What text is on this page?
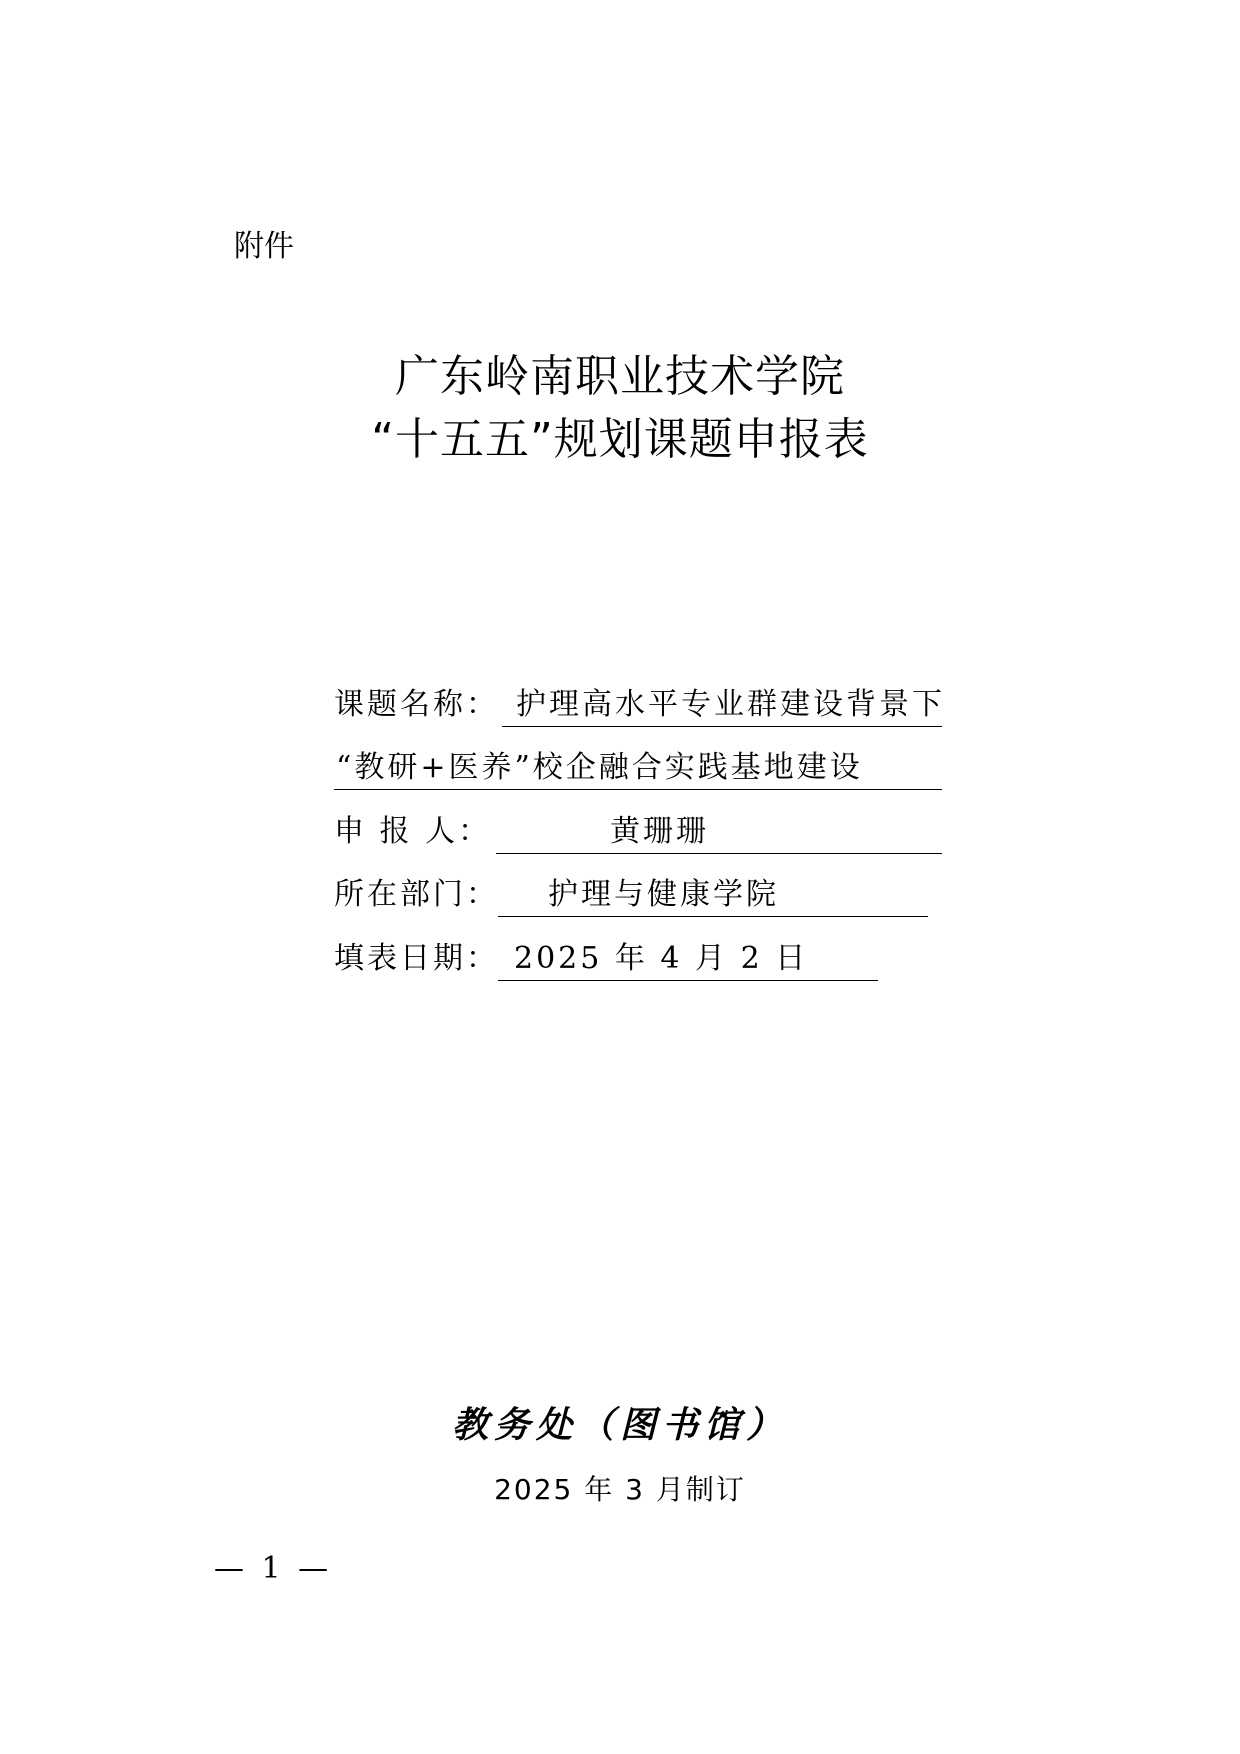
附件
广东岭南职业技术学院
“十五五”规划课题申报表
课题名称： 护理高水平专业群建设背景下
“教研+医养”校企融合实践基地建设
申 报 人：	黄珊珊
所在部门： 护理与健康学院
填表日期： 2025 年 4 月 2 日
教务处（图书馆）
2025 年 3 月制订
— 1 —
